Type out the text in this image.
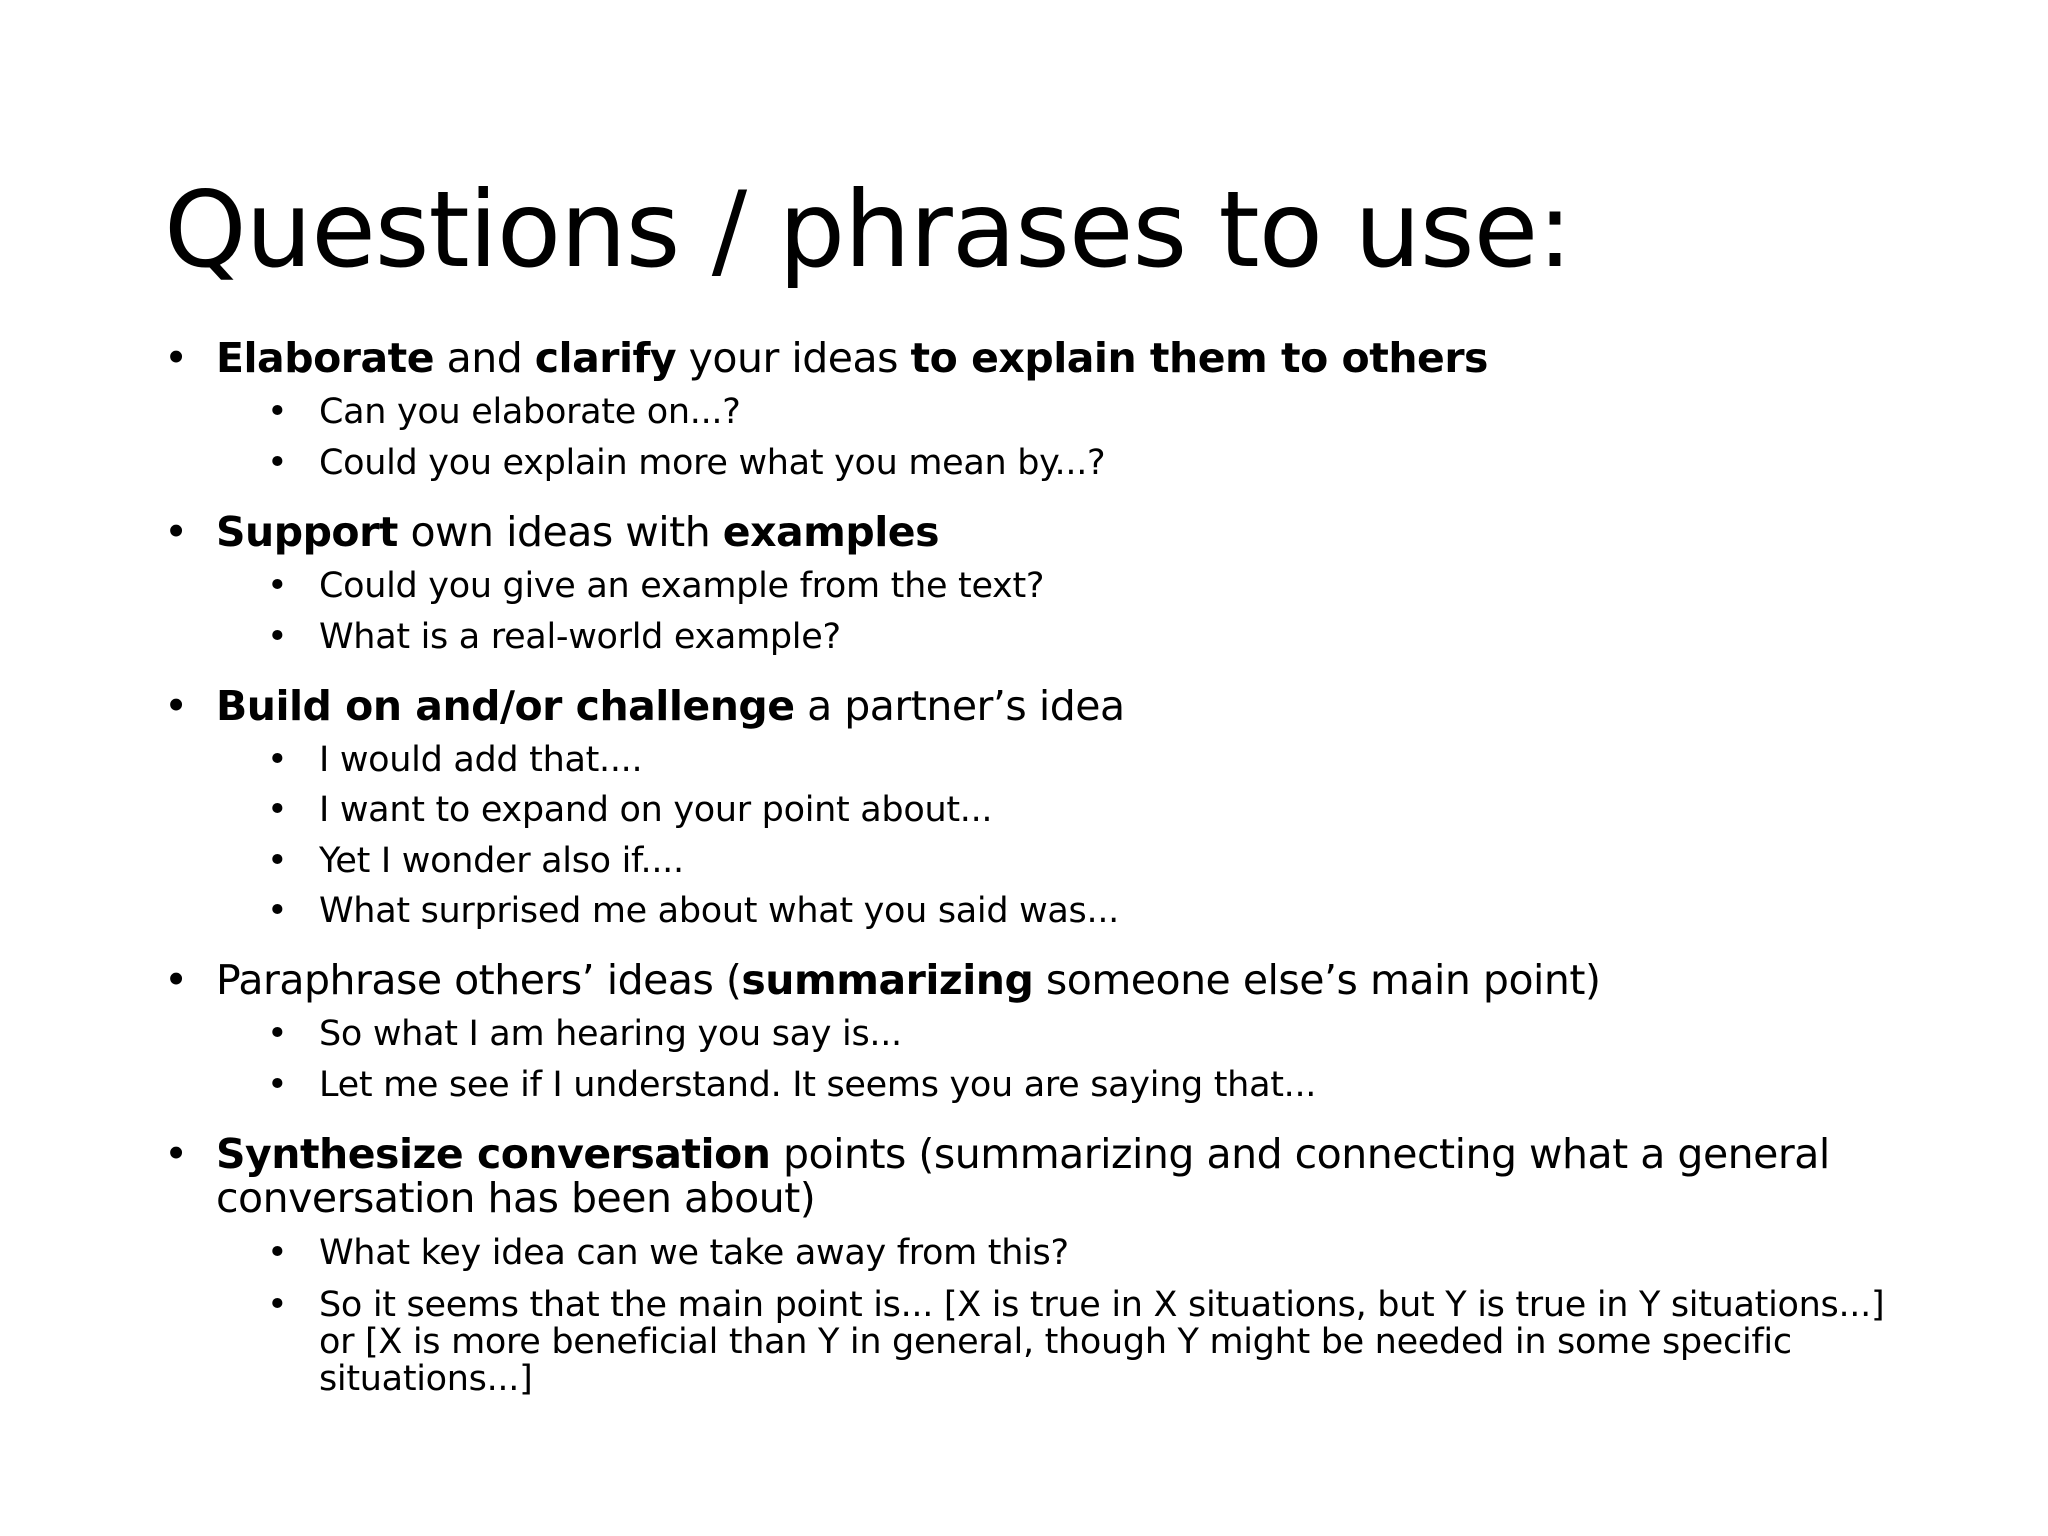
Questions / phrases to use:
• Elaborate and clarify your ideas to explain them to others
• Can you elaborate on...?
• Could you explain more what you mean by...?
• Support own ideas with examples
• Could you give an example from the text?
• What is a real-world example?
• Build on and/or challenge a partner’s idea
• I would add that....
• I want to expand on your point about...
• Yet I wonder also if....
• What surprised me about what you said was...
• Paraphrase others’ ideas (summarizing someone else’s main point)
• So what I am hearing you say is...
• Let me see if I understand. It seems you are saying that...
• Synthesize conversation points (summarizing and connecting what a general conversation has been about)
• What key idea can we take away from this?
• So it seems that the main point is... [X is true in X situations, but Y is true in Y situations...] or [X is more beneficial than Y in general, though Y might be needed in some specific situations...]
